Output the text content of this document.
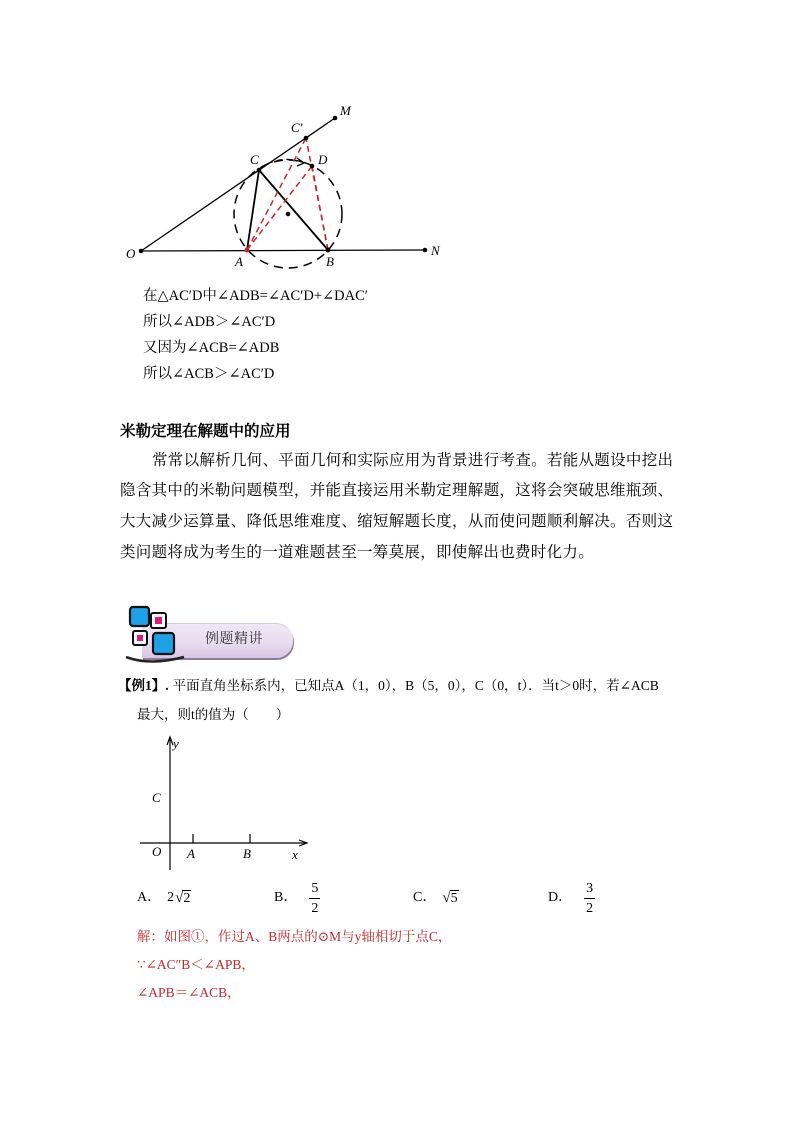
O	N
M
C′
C	D
A	B
在△AC′D中∠ADB=∠AC′D+∠DAC′
所以∠ADB＞∠AC′D
又因为∠ACB=∠ADB
所以∠ACB＞∠AC′D
米勒定理在解题中的应用
常常以解析几何、平面几何和实际应用为背景进行考查。若能从题设中挖出
隐含其中的米勒问题模型，并能直接运用米勒定理解题，这将会突破思维瓶颈、
大大减少运算量、降低思维难度、缩短解题长度，从而使问题顺利解决。否则这
类问题将成为考生的一道难题甚至一筹莫展，即使解出也费时化力。
例题精讲
【例1】. 平面直角坐标系内，已知点A（1，0），B（5，0），C（0，t）．当t＞0时，若∠ACB
最大，则t的值为（　　）
y
C
O A	B	x
A． 2 √ 2	B． $\frac{5}{2}$	C． √ 5	D． $\frac{3}{2}$
解：如图①，作过A、B两点的⊙M与y轴相切于点C，
∵∠AC″B＜∠APB，
∠APB＝∠ACB，
